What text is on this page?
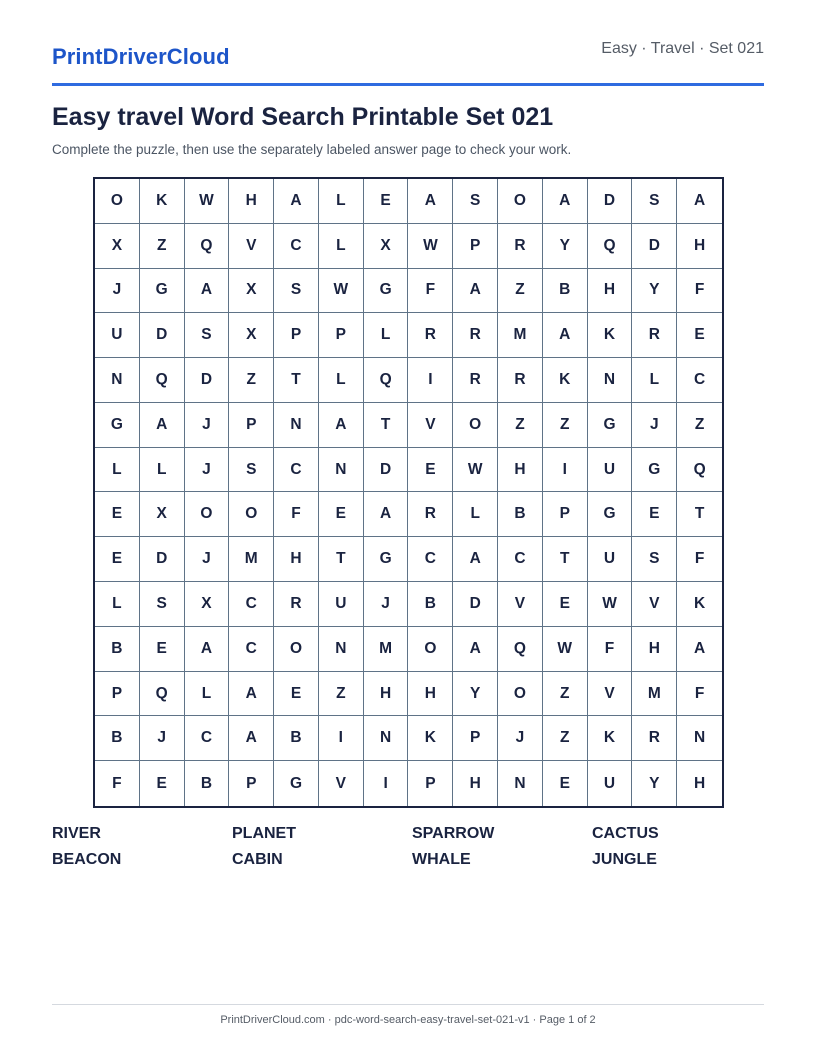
PrintDriverCloud	Easy · Travel · Set 021
Easy travel Word Search Printable Set 021
Complete the puzzle, then use the separately labeled answer page to check your work.
O	K	W	H	A	L	E	A	S	O	A	D	S	A
X	Z	Q	V	C	L	X	W	P	R	Y	Q	D	H
J	G	A	X	S	W	G	F	A	Z	B	H	Y	F
U	D	S	X	P	P	L	R	R	M	A	K	R	E
N	Q	D	Z	T	L	Q	I	R	R	K	N	L	C
G	A	J	P	N	A	T	V	O	Z	Z	G	J	Z
L	L	J	S	C	N	D	E	W	H	I	U	G	Q
E	X	O	O	F	E	A	R	L	B	P	G	E	T
E	D	J	M	H	T	G	C	A	C	T	U	S	F
L	S	X	C	R	U	J	B	D	V	E	W	V	K
B	E	A	C	O	N	M	O	A	Q	W	F	H	A
P	Q	L	A	E	Z	H	H	Y	O	Z	V	M	F
B	J	C	A	B	I	N	K	P	J	Z	K	R	N
F	E	B	P	G	V	I	P	H	N	E	U	Y	H
RIVER	PLANET	SPARROW	CACTUS
BEACON	CABIN	WHALE	JUNGLE
PrintDriverCloud.com · pdc-word-search-easy-travel-set-021-v1 · Page 1 of 2
